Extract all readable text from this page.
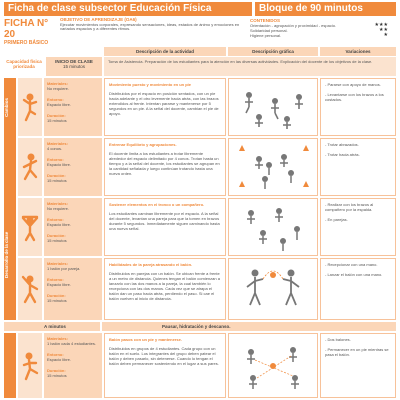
Ficha de clase subsector Educación Física	Bloque de 90 minutos
FICHA N° 20
PRIMERO BÁSICO
OBJETIVO DE APRENDIZAJE (OA6)
Ejecutar movimientos corporales, expresando sensaciones, ideas, estados de ánimo y emociones en variados espacios y a diferentes ritmos.
CONTENIDOS
Orientación - agrupación y proximidad - espacio.	★★★
Solidaridad personal.	★★
Higiene personal.	★
Descripción de la actividad	Descripción gráfica	Variaciones
Capacidad física priorizada
INICIO DE CLASE
15 minutos
Toma de Asistencia. Preparación de los estudiantes para la atención en las diversas actividades. Explicación del docente de los objetivos de la clase.
Cambios
Desarrollo de la clase

Materiales:
No requiere.

Entorno:
Espacio libre.

Duración:
15 minutos

Movimiento puesto y movimiento en un pie
Distribuidos por el espacio en posición sentados, con un pie hacia adelante y el otro levemente hacia atrás, con las brazos extendidos al frente. Intentan pararse y mantenerse por 5 segundos en un pie. A la señal del docente, cambian el pie de apoyo.

- Pararse con apoyo de manos.

- Levantarse con los brazos a los costados.

Materiales:
4 conos.

Entorno:
Espacio libre.

Duración:
15 minutos

Entrenar Equilibrio y agrupaciones.
El docente limita a los estudiantes a trotar libremente alrededor del espacio delimitado por 4 conos. Trotan hasta un tiempo y a la señal del docente, los estudiantes se agrupan en la cantidad señalada y luego continúan trotando hasta una nueva orden.

- Trotar abrazados.

- Trotar hacia atrás.

Materiales:
No requiere.

Entorno:
Espacio libre.

Duración:
15 minutos

Sostener elementos en el tronco o un compañero.
Los estudiantes caminan libremente por el espacio. A la señal del docente, levantan una pareja para que la tomen en brazos durante 5 segundos. Inmediatamente siguen caminando hasta una nueva señal.

- Realizar con los brazos al compañero por la espalda.

- En parejas.

Materiales:
1 balón por pareja.

Entorno:
Espacio libre.

Duración:
15 minutos

Habilidades de la pareja atrasando el balón.
Distribuidos en parejas con un balón. Se ubican frente a frente a un metro de distancia. Quienes tengan el balón comienzan a lanzarlo con las dos manos a la pareja, la cual también lo recepciona con las dos manos. Cada vez que se atrapa el balón dan un paso hacia atrás, perdiendo el paso. Si cae el balón vuelven al inicio de distancia.

- Recepcionar con una mano.

- Lanzar el balón con una mano.

A minutos	Pausar, hidratación y descanso.

Materiales:
1 balón cada 4 estudiantes.

Entorno:
Espacio libre.

Duración:
15 minutos

Balón pasos con un pie y mantenerse.
Distribuidos en grupos de 4 estudiantes. Cada grupo con un balón en el suelo. Los integrantes del grupo deben patear el balón y deben pasarlo, sin detenerse. Cuando lo tengan el balón deben permanecer sosteniendo en el lugar a sus pares.

- Dos balones.

- Permanecer en un pie mientras se pasa el balón.
